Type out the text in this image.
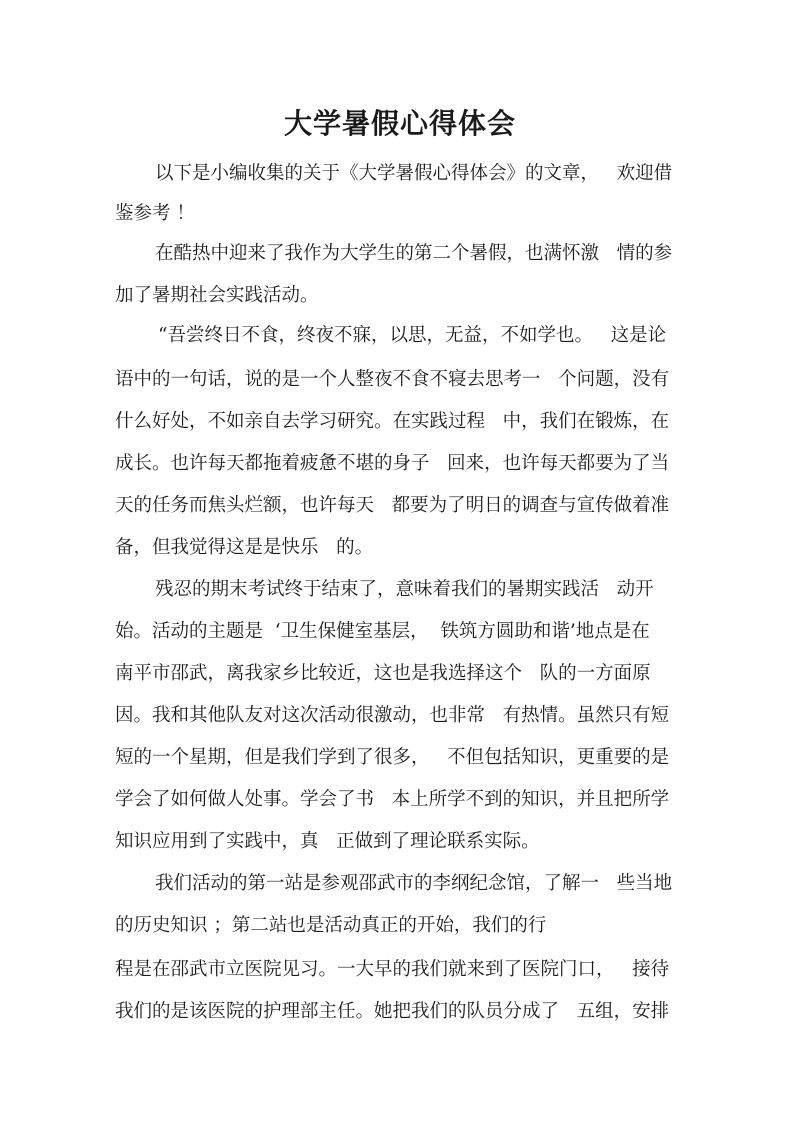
大学暑假心得体会

以下是小编收集的关于《大学暑假心得体会》的文章，   欢迎借

鉴参考 ！

在酷热中迎来了我作为大学生的第二个暑假，也满怀激   情的参

加了暑期社会实践活动。

“吾尝终日不食，终夜不寐，以思，无益，不如学也。   这是论

语中的一句话，说的是一个人整夜不食不寝去思考一   个问题，没有

什么好处，不如亲自去学习研究。在实践过程   中，我们在锻炼，在

成长。也许每天都拖着疲惫不堪的身子   回来，也许每天都要为了当

天的任务而焦头烂额，也许每天   都要为了明日的调查与宣传做着准

备，但我觉得这是是快乐   的。

残忍的期末考试终于结束了，意味着我们的暑期实践活   动开

始。活动的主题是  ‘卫生保健室基层，  铁筑方圆助和谐’地点是在

南平市邵武，离我家乡比较近，这也是我选择这个   队的一方面原

因。我和其他队友对这次活动很激动，也非常   有热情。虽然只有短

短的一个星期，但是我们学到了很多，   不但包括知识，更重要的是

学会了如何做人处事。学会了书   本上所学不到的知识，并且把所学

知识应用到了实践中，真   正做到了理论联系实际。

我们活动的第一站是参观邵武市的李纲纪念馆，了解一   些当地

的历史知识 ；第二站也是活动真正的开始，我们的行

程是在邵武市立医院见习。一大早的我们就来到了医院门口，   接待

我们的是该医院的护理部主任。她把我们的队员分成了   五组，安排
